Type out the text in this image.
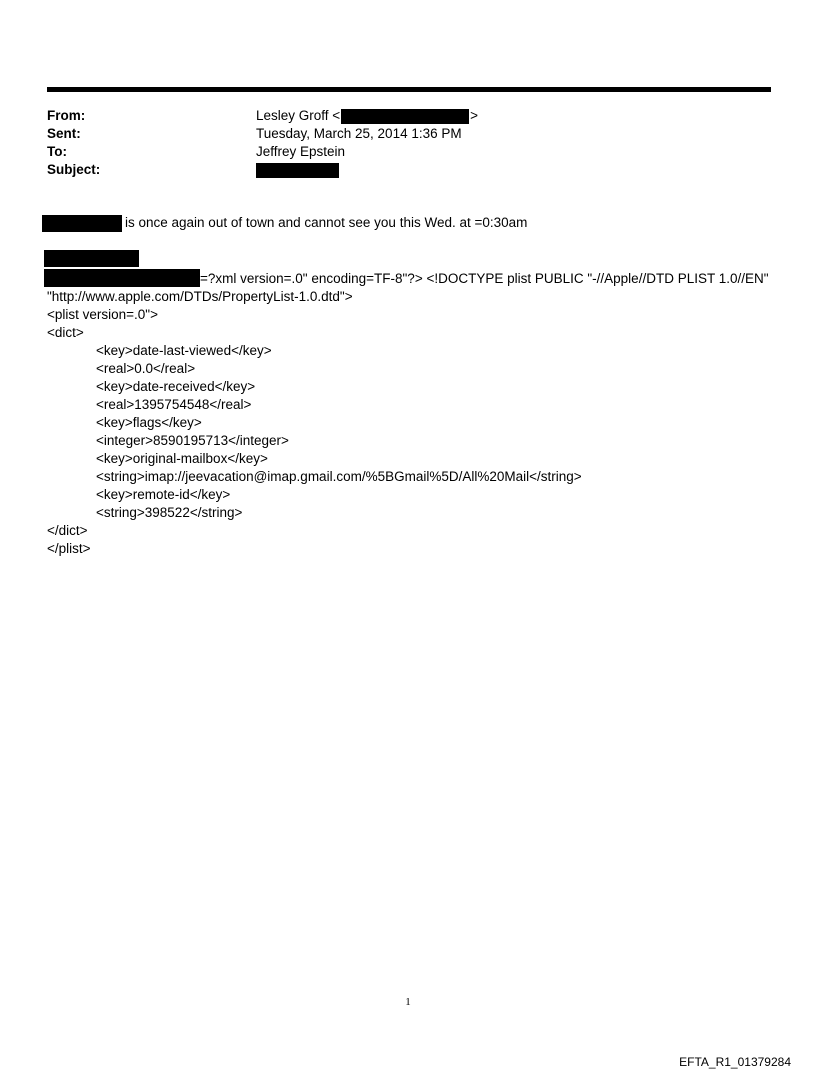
From:	Lesley Groff <	>
Sent:	Tuesday, March 25, 2014 1:36 PM
To:	Jeffrey Epstein
Subject:
is once again out of town and cannot see you this Wed. at =0:30am
=?xml version=.0" encoding=TF-8"?> <!DOCTYPE plist PUBLIC "-//Apple//DTD PLIST 1.0//EN"
"http://www.apple.com/DTDs/PropertyList-1.0.dtd">
<plist version=.0">
<dict>
<key>date-last-viewed</key>
<real>0.0</real>
<key>date-received</key>
<real>1395754548</real>
<key>flags</key>
<integer>8590195713</integer>
<key>original-mailbox</key>
<string>imap://jeevacation@imap.gmail.com/%5BGmail%5D/All%20Mail</string>
<key>remote-id</key>
<string>398522</string>
</dict>
</plist>
1
EFTA_R1_01379284
